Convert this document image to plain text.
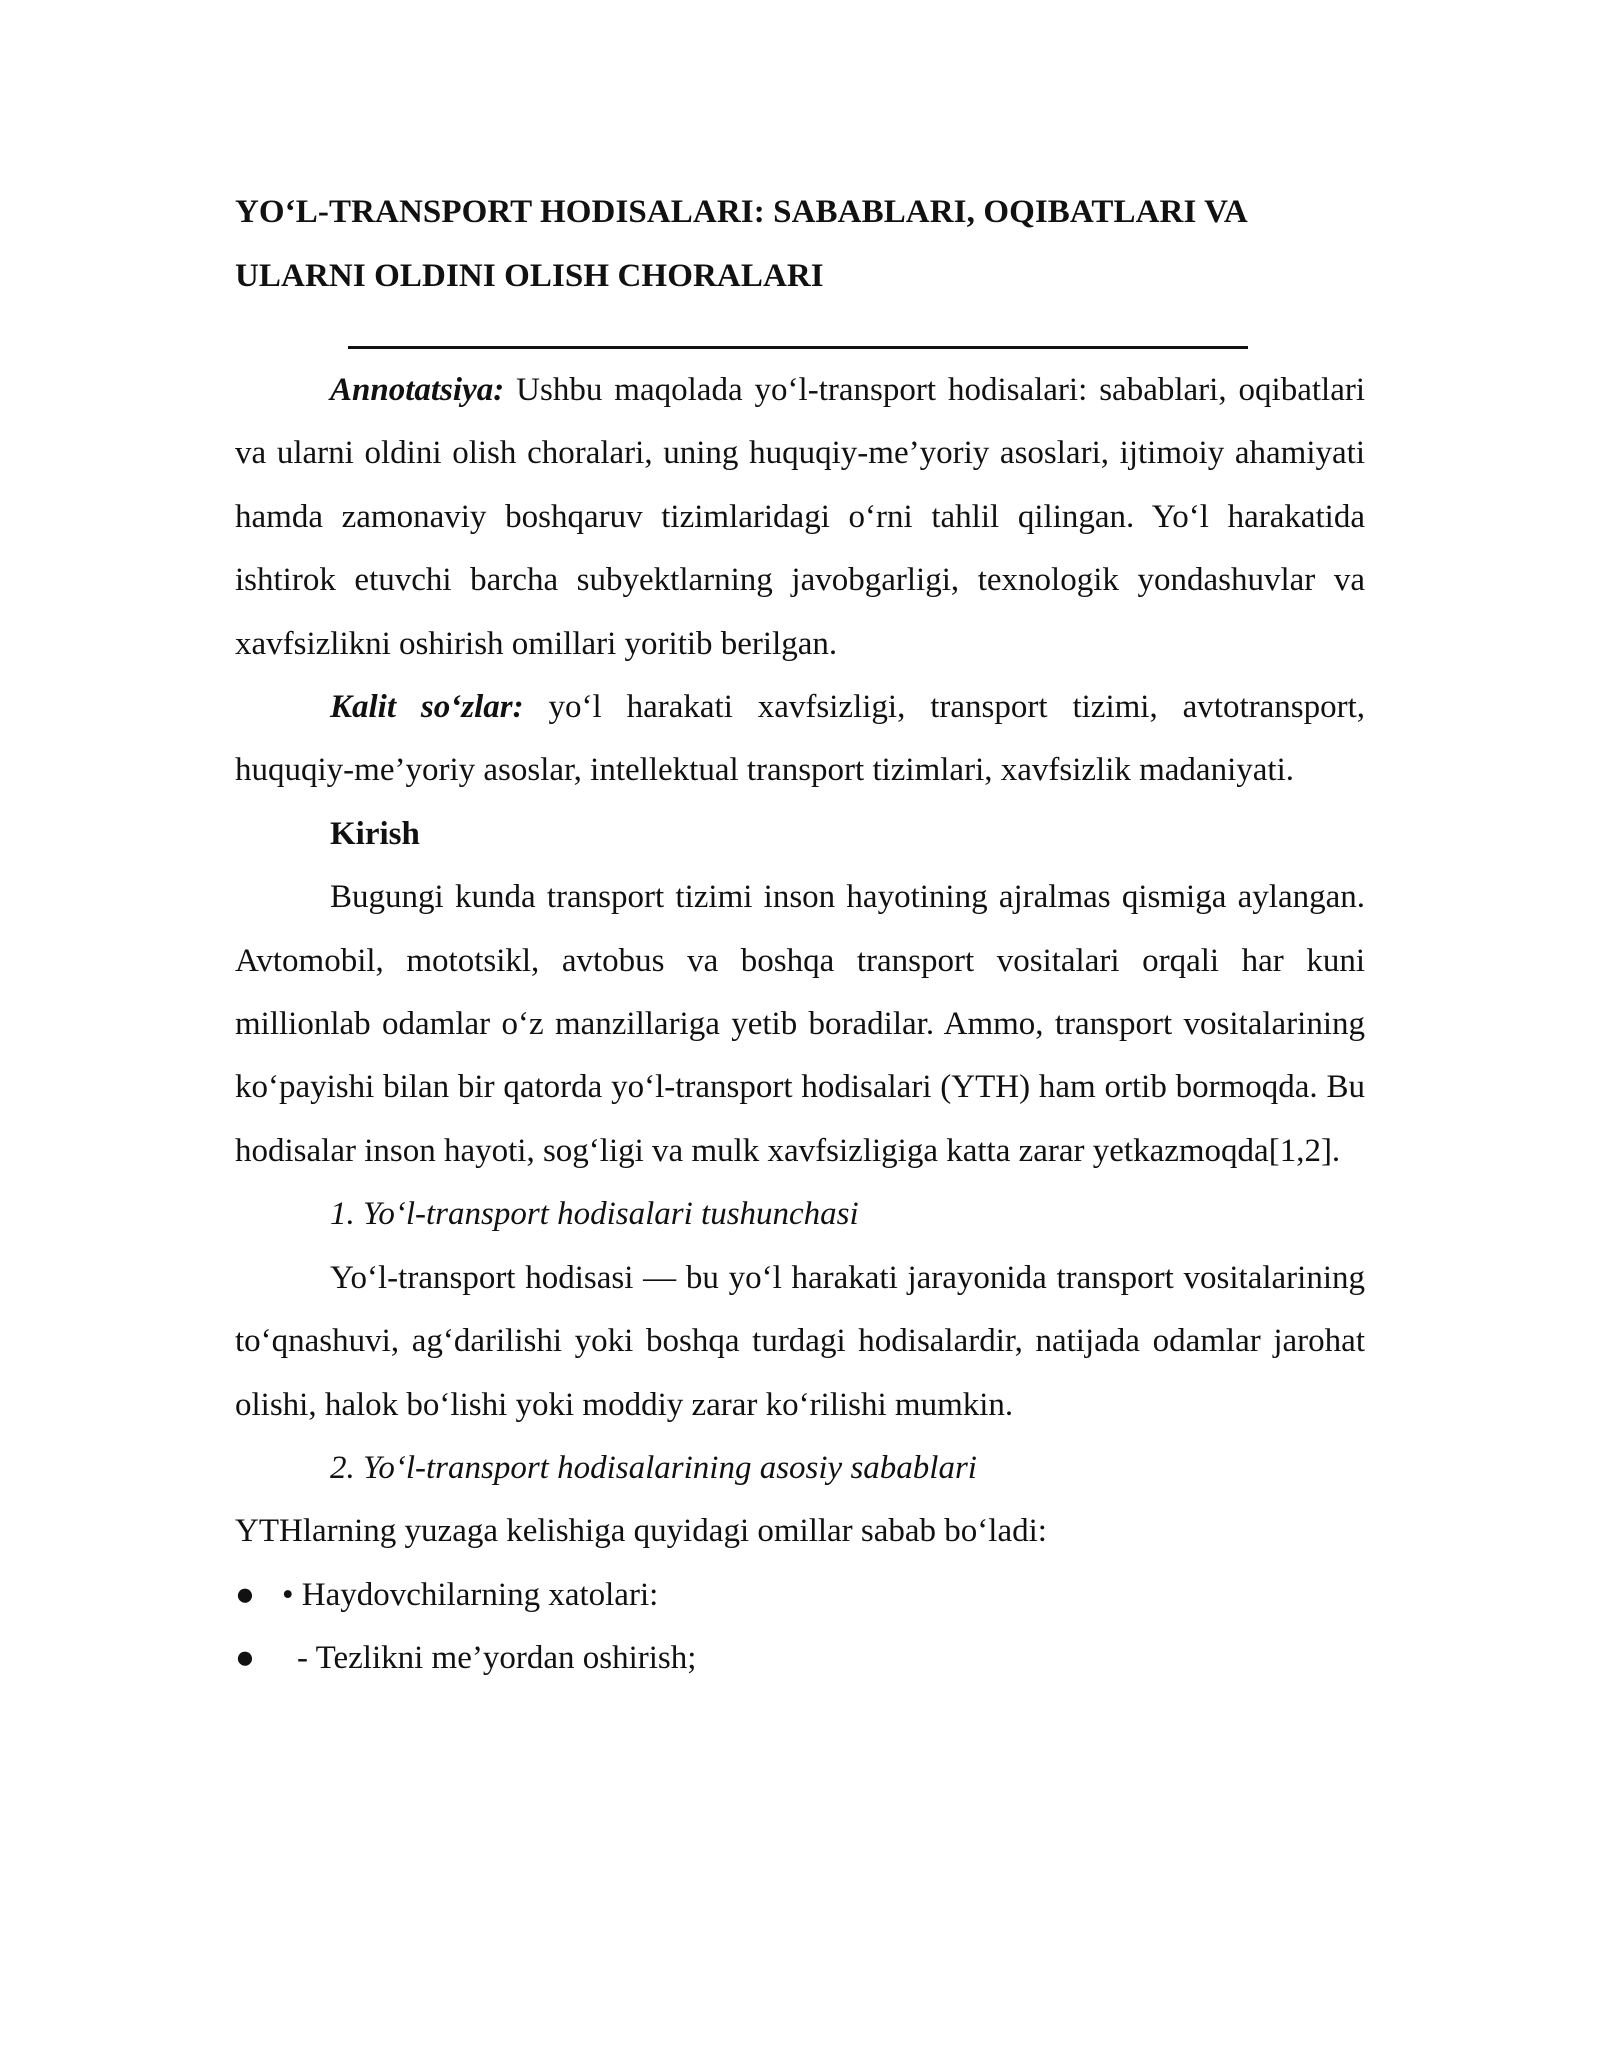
YO‘L-TRANSPORT HODISALARI: SABABLARI, OQIBATLARI VA
ULARNI OLDINI OLISH CHORALARI

Annotatsiya: Ushbu maqolada yo‘l-transport hodisalari: sabablari, oqibatlari va ularni oldini olish choralari, uning huquqiy-me’yoriy asoslari, ijtimoiy ahamiyati hamda zamonaviy boshqaruv tizimlaridagi o‘rni tahlil qilingan. Yo‘l harakatida ishtirok etuvchi barcha subyektlarning javobgarligi, texnologik yondashuvlar va xavfsizlikni oshirish omillari yoritib berilgan.

Kalit so‘zlar: yo‘l harakati xavfsizligi, transport tizimi, avtotransport, huquqiy-me’yoriy asoslar, intellektual transport tizimlari, xavfsizlik madaniyati.

Kirish

Bugungi kunda transport tizimi inson hayotining ajralmas qismiga aylangan. Avtomobil, mototsikl, avtobus va boshqa transport vositalari orqali har kuni millionlab odamlar o‘z manzillariga yetib boradilar. Ammo, transport vositalarining ko‘payishi bilan bir qatorda yo‘l-transport hodisalari (YTH) ham ortib bormoqda. Bu hodisalar inson hayoti, sog‘ligi va mulk xavfsizligiga katta zarar yetkazmoqda[1,2].

1. Yo‘l-transport hodisalari tushunchasi

Yo‘l-transport hodisasi — bu yo‘l harakati jarayonida transport vositalarining to‘qnashuvi, ag‘darilishi yoki boshqa turdagi hodisalardir, natijada odamlar jarohat olishi, halok bo‘lishi yoki moddiy zarar ko‘rilishi mumkin.

2. Yo‘l-transport hodisalarining asosiy sabablari

YTHlarning yuzaga kelishiga quyidagi omillar sabab bo‘ladi:

● • Haydovchilarning xatolari:

● - Tezlikni me’yordan oshirish;
